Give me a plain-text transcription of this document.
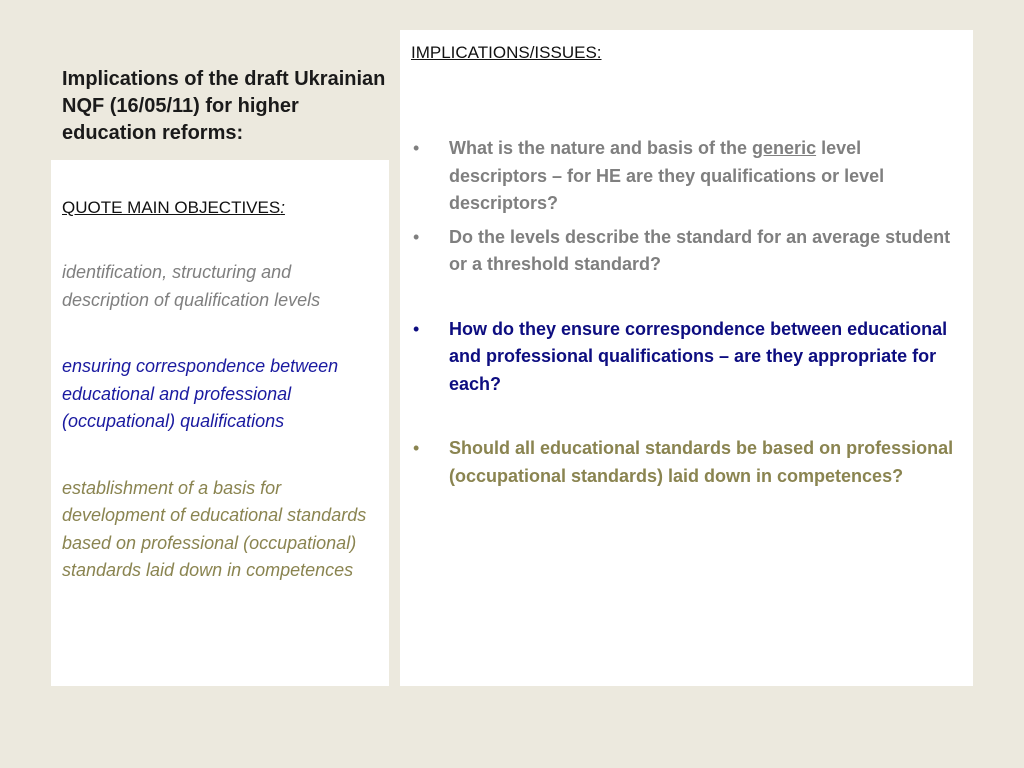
Implications of the draft Ukrainian NQF (16/05/11) for higher education reforms:

QUOTE MAIN OBJECTIVES:

identification, structuring and description of qualification levels

ensuring correspondence between educational and professional (occupational) qualifications

establishment of a basis for development of educational standards based on professional (occupational) standards laid down in competences

IMPLICATIONS/ISSUES:

• What is the nature and basis of the generic level descriptors – for HE are they qualifications or level descriptors?
• Do the levels describe the standard for an average student or a threshold standard?
• How do they ensure correspondence between educational and professional qualifications – are they appropriate for each?
• Should all educational standards be based on professional (occupational standards) laid down in competences?
